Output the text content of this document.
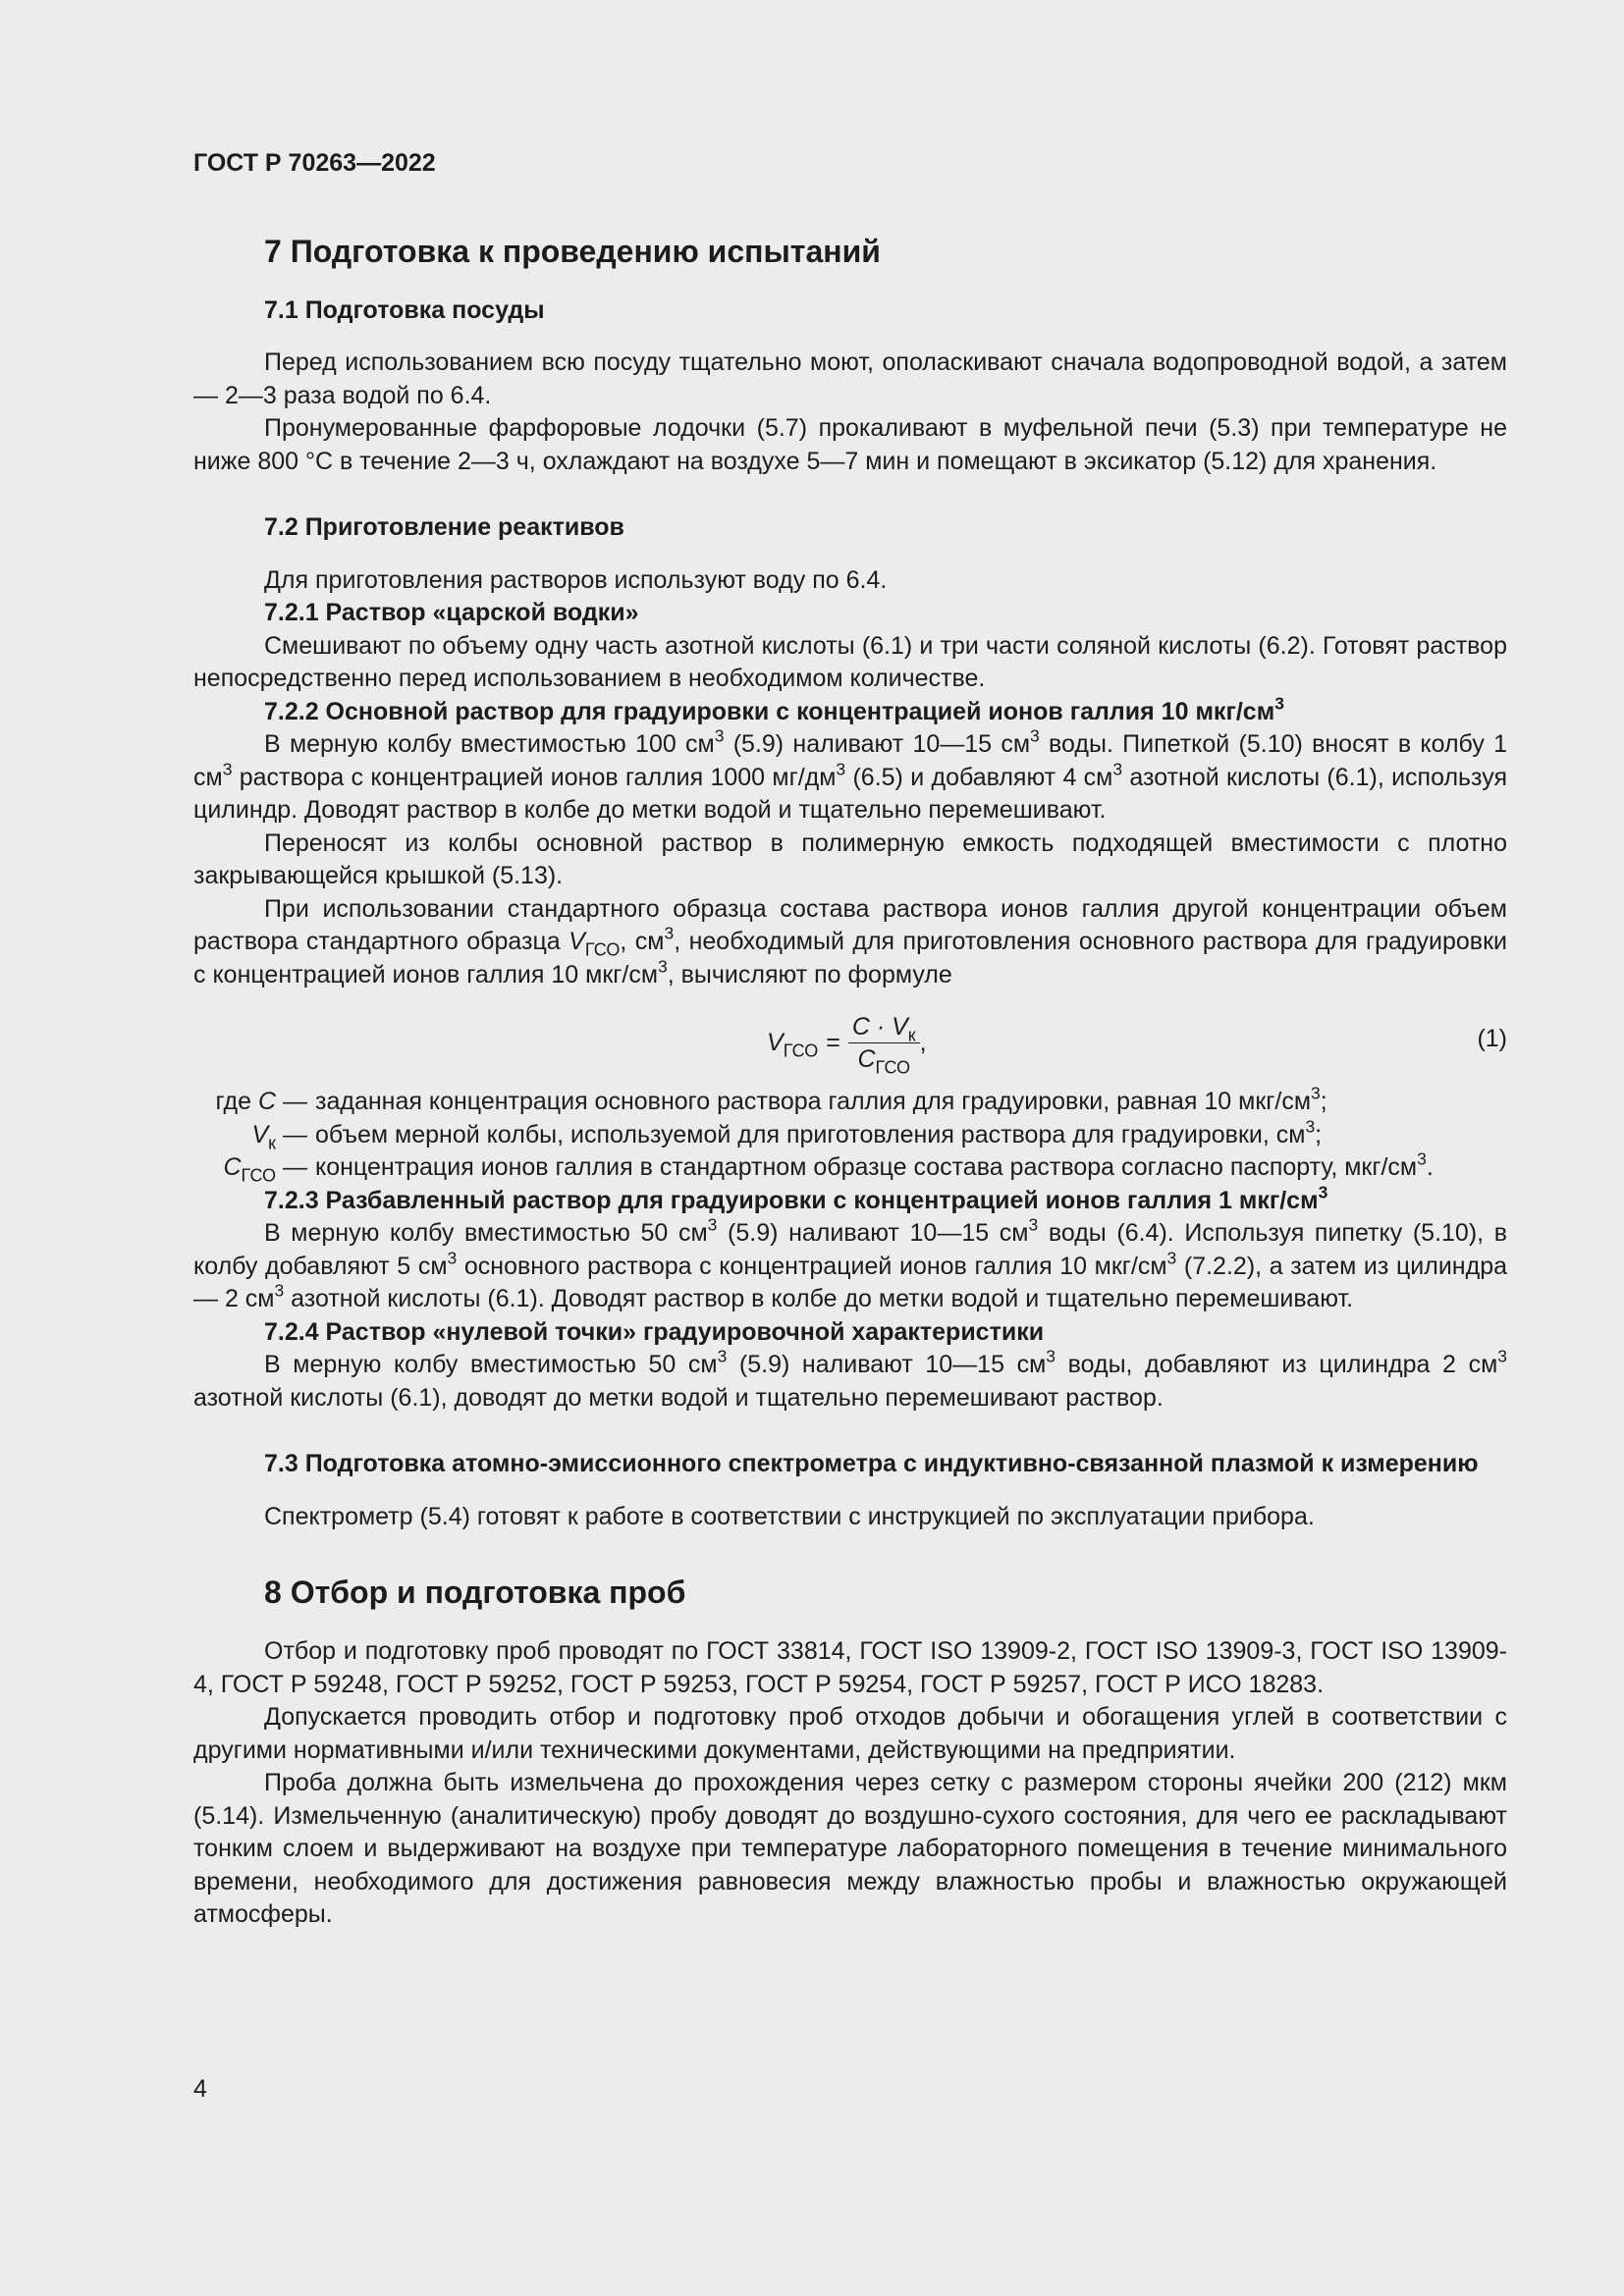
ГОСТ Р 70263—2022
7 Подготовка к проведению испытаний
7.1 Подготовка посуды

Перед использованием всю посуду тщательно моют, ополаскивают сначала водопроводной водой, а затем — 2—3 раза водой по 6.4.

Пронумерованные фарфоровые лодочки (5.7) прокаливают в муфельной печи (5.3) при температуре не ниже 800 °С в течение 2—3 ч, охлаждают на воздухе 5—7 мин и помещают в эксикатор (5.12) для хранения.

7.2 Приготовление реактивов

Для приготовления растворов используют воду по 6.4.

7.2.1 Раствор «царской водки»

Смешивают по объему одну часть азотной кислоты (6.1) и три части соляной кислоты (6.2). Готовят раствор непосредственно перед использованием в необходимом количестве.

7.2.2 Основной раствор для градуировки с концентрацией ионов галлия 10 мкг/$см^3$

В мерную колбу вместимостью 100 $см^3$ (5.9) наливают 10—15 $см^3$ воды. Пипеткой (5.10) вносят в колбу 1 $см^3$ раствора с концентрацией ионов галлия 1000 $мг/дм^3$ (6.5) и добавляют 4 $см^3$ азотной кислоты (6.1), используя цилиндр. Доводят раствор в колбе до метки водой и тщательно перемешивают.

Переносят из колбы основной раствор в полимерную емкость подходящей вместимости с плотно закрывающейся крышкой (5.13).

При использовании стандартного образца состава раствора ионов галлия другой концентрации объем раствора стандартного образца $V_{ГСО}$, $см^3$, необходимый для приготовления основного раствора для градуировки с концентрацией ионов галлия 10 мкг/$см^3$, вычисляют по формуле

$V_{ГСО} = \frac{C \cdot V_к}{C_{ГСО}}$ ,	(1)
где C — заданная концентрация основного раствора галлия для градуировки, равная 10 мкг/$см^3$;
$V_к$ — объем мерной колбы, используемой для приготовления раствора для градуировки, $см^3$;
$C_{ГСО}$ — концентрация ионов галлия в стандартном образце состава раствора согласно паспорту, мкг/$см^3$.

7.2.3 Разбавленный раствор для градуировки с концентрацией ионов галлия 1 мкг/$см^3$

В мерную колбу вместимостью 50 $см^3$ (5.9) наливают 10—15 $см^3$ воды (6.4). Используя пипетку (5.10), в колбу добавляют 5 $см^3$ основного раствора с концентрацией ионов галлия 10 мкг/$см^3$ (7.2.2), а затем из цилиндра — 2 $см^3$ азотной кислоты (6.1). Доводят раствор в колбе до метки водой и тщательно перемешивают.

7.2.4 Раствор «нулевой точки» градуировочной характеристики

В мерную колбу вместимостью 50 $см^3$ (5.9) наливают 10—15 $см^3$ воды, добавляют из цилиндра 2 $см^3$ азотной кислоты (6.1), доводят до метки водой и тщательно перемешивают раствор.

7.3 Подготовка атомно-эмиссионного спектрометра с индуктивно-связанной плазмой к измерению

Спектрометр (5.4) готовят к работе в соответствии с инструкцией по эксплуатации прибора.

8 Отбор и подготовка проб

Отбор и подготовку проб проводят по ГОСТ 33814, ГОСТ ISO 13909-2, ГОСТ ISO 13909-3, ГОСТ ISO 13909-4, ГОСТ Р 59248, ГОСТ Р 59252, ГОСТ Р 59253, ГОСТ Р 59254, ГОСТ Р 59257, ГОСТ Р ИСО 18283.

Допускается проводить отбор и подготовку проб отходов добычи и обогащения углей в соответствии с другими нормативными и/или техническими документами, действующими на предприятии.

Проба должна быть измельчена до прохождения через сетку с размером стороны ячейки 200 (212) мкм (5.14). Измельченную (аналитическую) пробу доводят до воздушно-сухого состояния, для чего ее раскладывают тонким слоем и выдерживают на воздухе при температуре лабораторного помещения в течение минимального времени, необходимого для достижения равновесия между влажностью пробы и влажностью окружающей атмосферы.

4
